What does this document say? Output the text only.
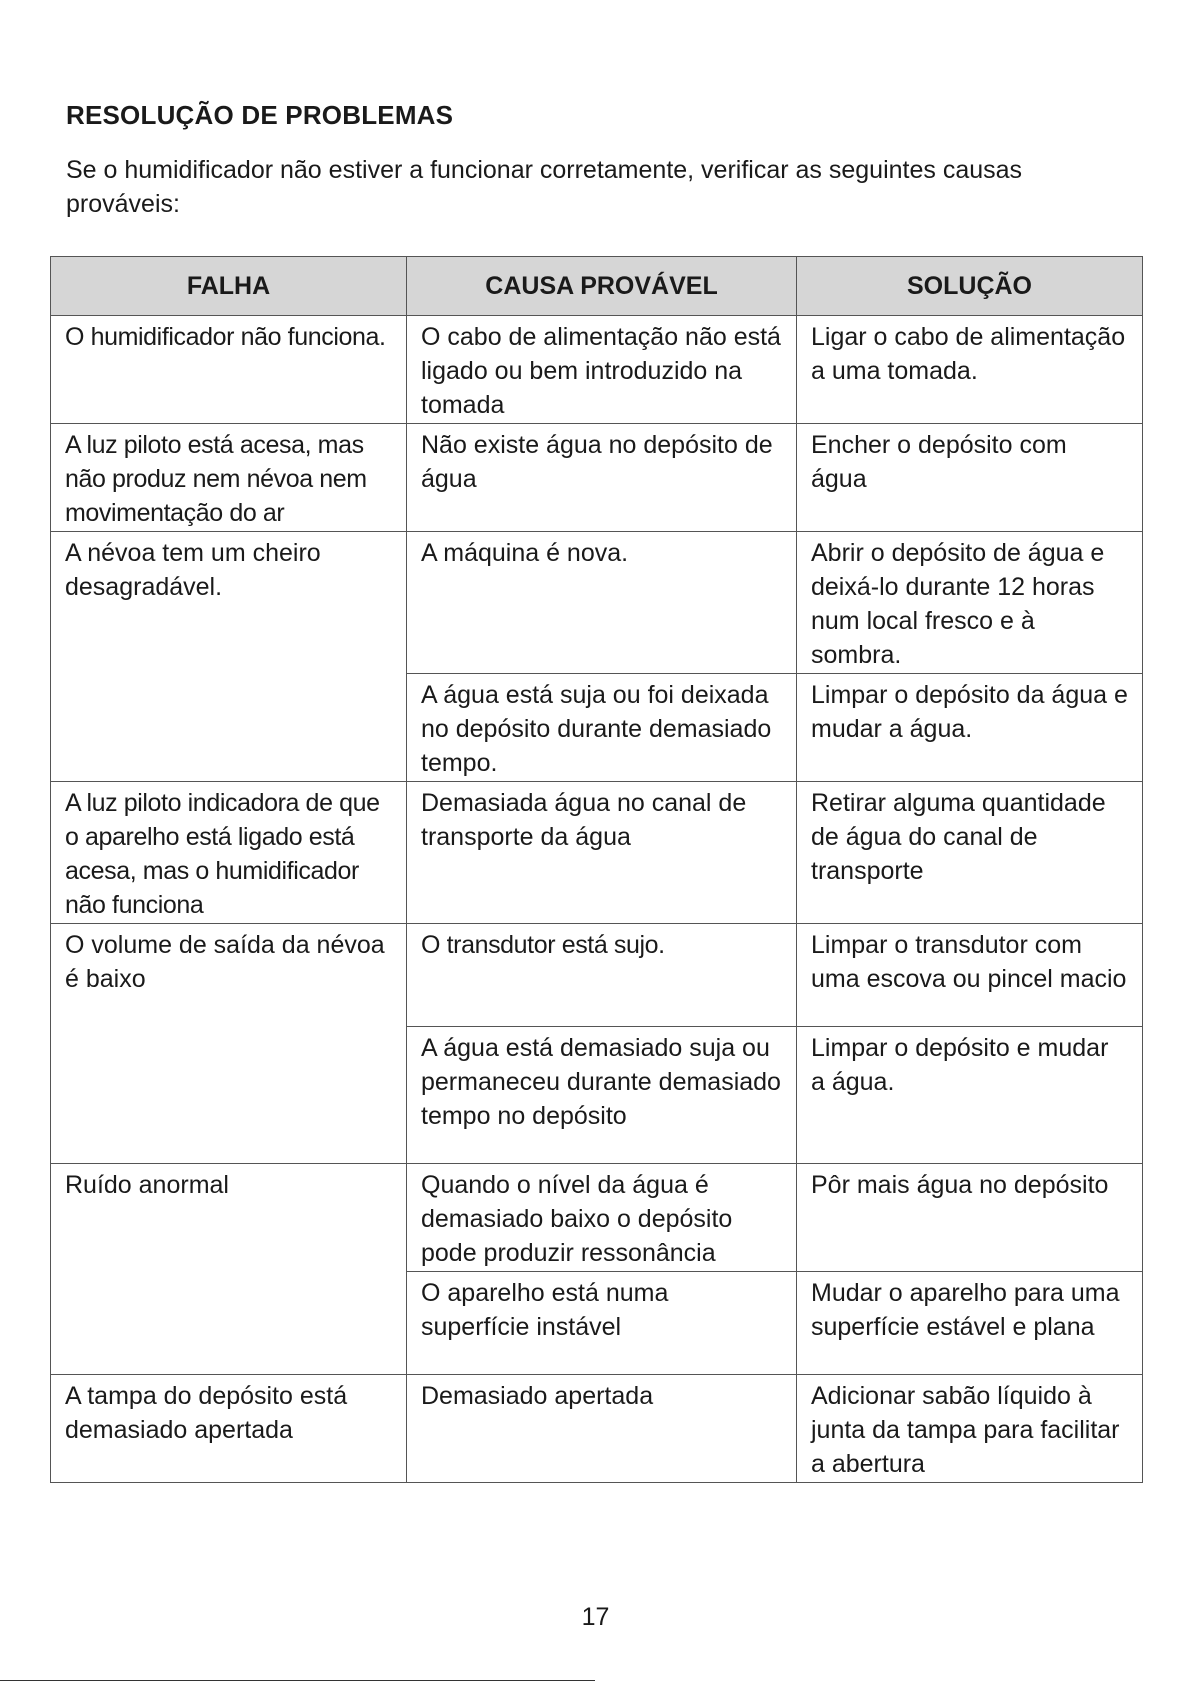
RESOLUÇÃO DE PROBLEMAS

Se o humidificador não estiver a funcionar corretamente, verificar as seguintes causas prováveis:

FALHA	CAUSA PROVÁVEL	SOLUÇÃO
O humidificador não funciona.	O cabo de alimentação não está ligado ou bem introduzido na tomada	Ligar o cabo de alimentação a uma tomada.
A luz piloto está acesa, mas não produz nem névoa nem movimentação do ar	Não existe água no depósito de água	Encher o depósito com água
A névoa tem um cheiro desagradável.	A máquina é nova.	Abrir o depósito de água e deixá-lo durante 12 horas num local fresco e à sombra.
	A água está suja ou foi deixada no depósito durante demasiado tempo.	Limpar o depósito da água e mudar a água.
A luz piloto indicadora de que o aparelho está ligado está acesa, mas o humidificador não funciona	Demasiada água no canal de transporte da água	Retirar alguma quantidade de água do canal de transporte
O volume de saída da névoa é baixo	O transdutor está sujo.	Limpar o transdutor com uma escova ou pincel macio
	A água está demasiado suja ou permaneceu durante demasiado tempo no depósito	Limpar o depósito e mudar a água.
Ruído anormal	Quando o nível da água é demasiado baixo o depósito pode produzir ressonância	Pôr mais água no depósito
	O aparelho está numa superfície instável	Mudar o aparelho para uma superfície estável e plana
A tampa do depósito está demasiado apertada	Demasiado apertada	Adicionar sabão líquido à junta da tampa para facilitar a abertura
17
